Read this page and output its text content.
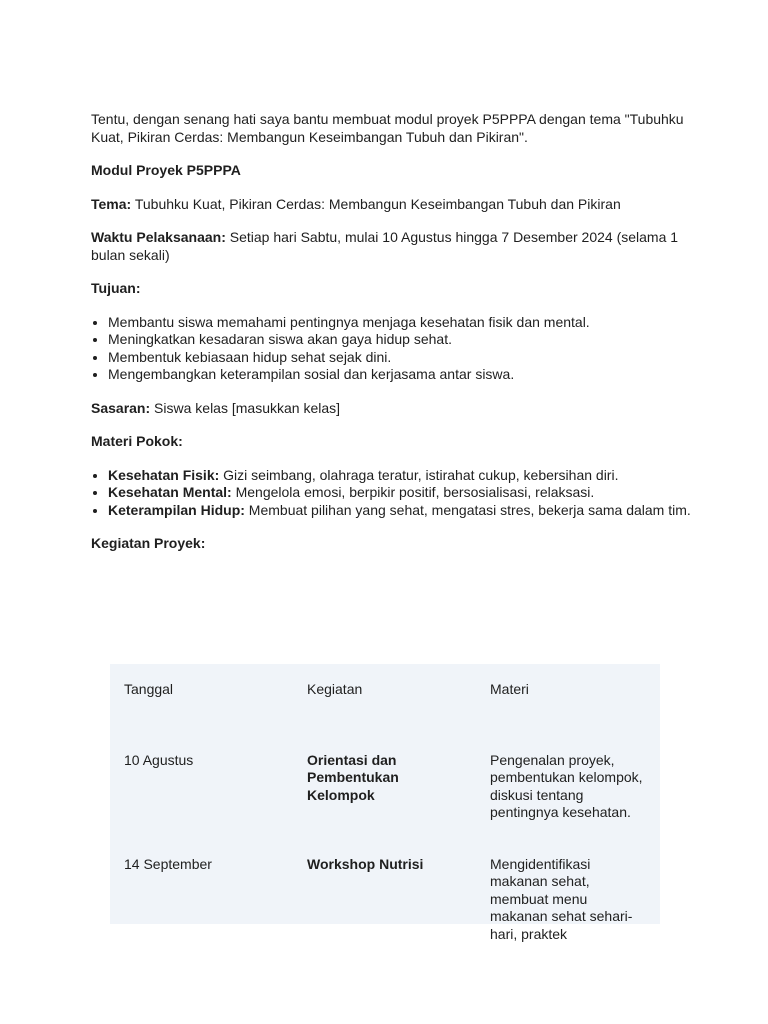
Tentu, dengan senang hati saya bantu membuat modul proyek P5PPPA dengan tema "Tubuhku Kuat, Pikiran Cerdas: Membangun Keseimbangan Tubuh dan Pikiran".

Modul Proyek P5PPPA

Tema: Tubuhku Kuat, Pikiran Cerdas: Membangun Keseimbangan Tubuh dan Pikiran

Waktu Pelaksanaan: Setiap hari Sabtu, mulai 10 Agustus hingga 7 Desember 2024 (selama 1 bulan sekali)

Tujuan:

• Membantu siswa memahami pentingnya menjaga kesehatan fisik dan mental.
• Meningkatkan kesadaran siswa akan gaya hidup sehat.
• Membentuk kebiasaan hidup sehat sejak dini.
• Mengembangkan keterampilan sosial dan kerjasama antar siswa.

Sasaran: Siswa kelas [masukkan kelas]

Materi Pokok:

• Kesehatan Fisik: Gizi seimbang, olahraga teratur, istirahat cukup, kebersihan diri.
• Kesehatan Mental: Mengelola emosi, berpikir positif, bersosialisasi, relaksasi.
• Keterampilan Hidup: Membuat pilihan yang sehat, mengatasi stres, bekerja sama dalam tim.

Kegiatan Proyek:

Tanggal	Kegiatan	Materi
10 Agustus	Orientasi dan Pembentukan Kelompok	Pengenalan proyek, pembentukan kelompok, diskusi tentang pentingnya kesehatan.
14 September	Workshop Nutrisi	Mengidentifikasi makanan sehat, membuat menu makanan sehat sehari-hari, praktek
